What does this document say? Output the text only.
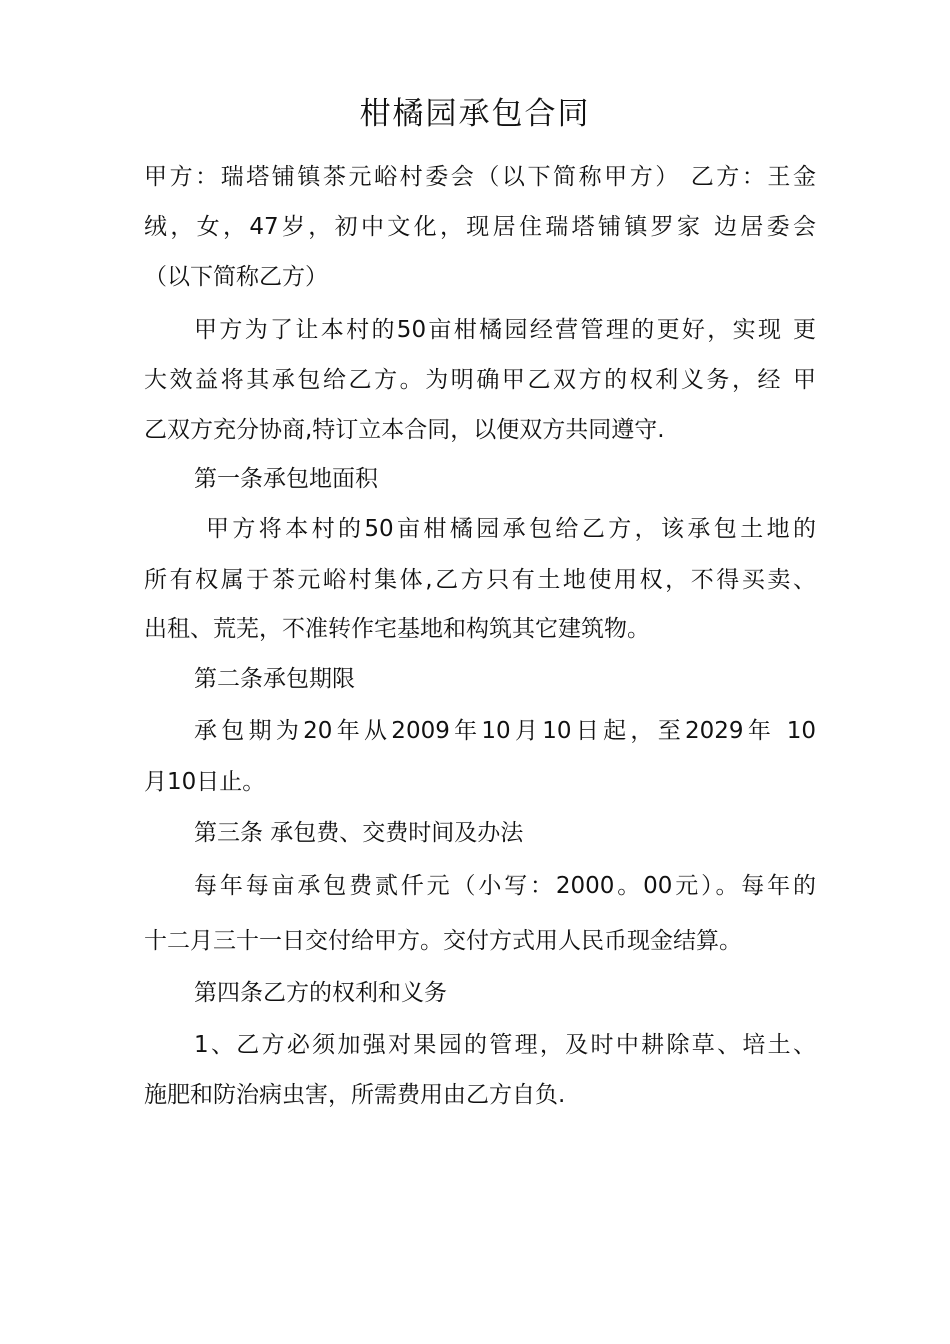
柑橘园承包合同
甲方：瑞塔铺镇茶元峪村委会（以下简称甲方） 乙方：王金
绒，女，47岁，初中文化，现居住瑞塔铺镇罗家 边居委会
（以下简称乙方）
甲方为了让本村的50亩柑橘园经营管理的更好，实现 更
大效益将其承包给乙方。为明确甲乙双方的权利义务，经 甲
乙双方充分协商,特订立本合同，以便双方共同遵守.
第一条承包地面积
甲方将本村的50亩柑橘园承包给乙方，该承包土地的
所有权属于茶元峪村集体,乙方只有土地使用权，不得买卖、
出租、荒芜，不准转作宅基地和构筑其它建筑物。
第二条承包期限
承包期为20年从2009年10月10日起，至2029年 10
月10日止。
第三条 承包费、交费时间及办法
每年每亩承包费贰仟元（小写：2000。00元）。每年的
十二月三十一日交付给甲方。交付方式用人民币现金结算。
第四条乙方的权利和义务
1、乙方必须加强对果园的管理，及时中耕除草、培土、
施肥和防治病虫害，所需费用由乙方自负.
